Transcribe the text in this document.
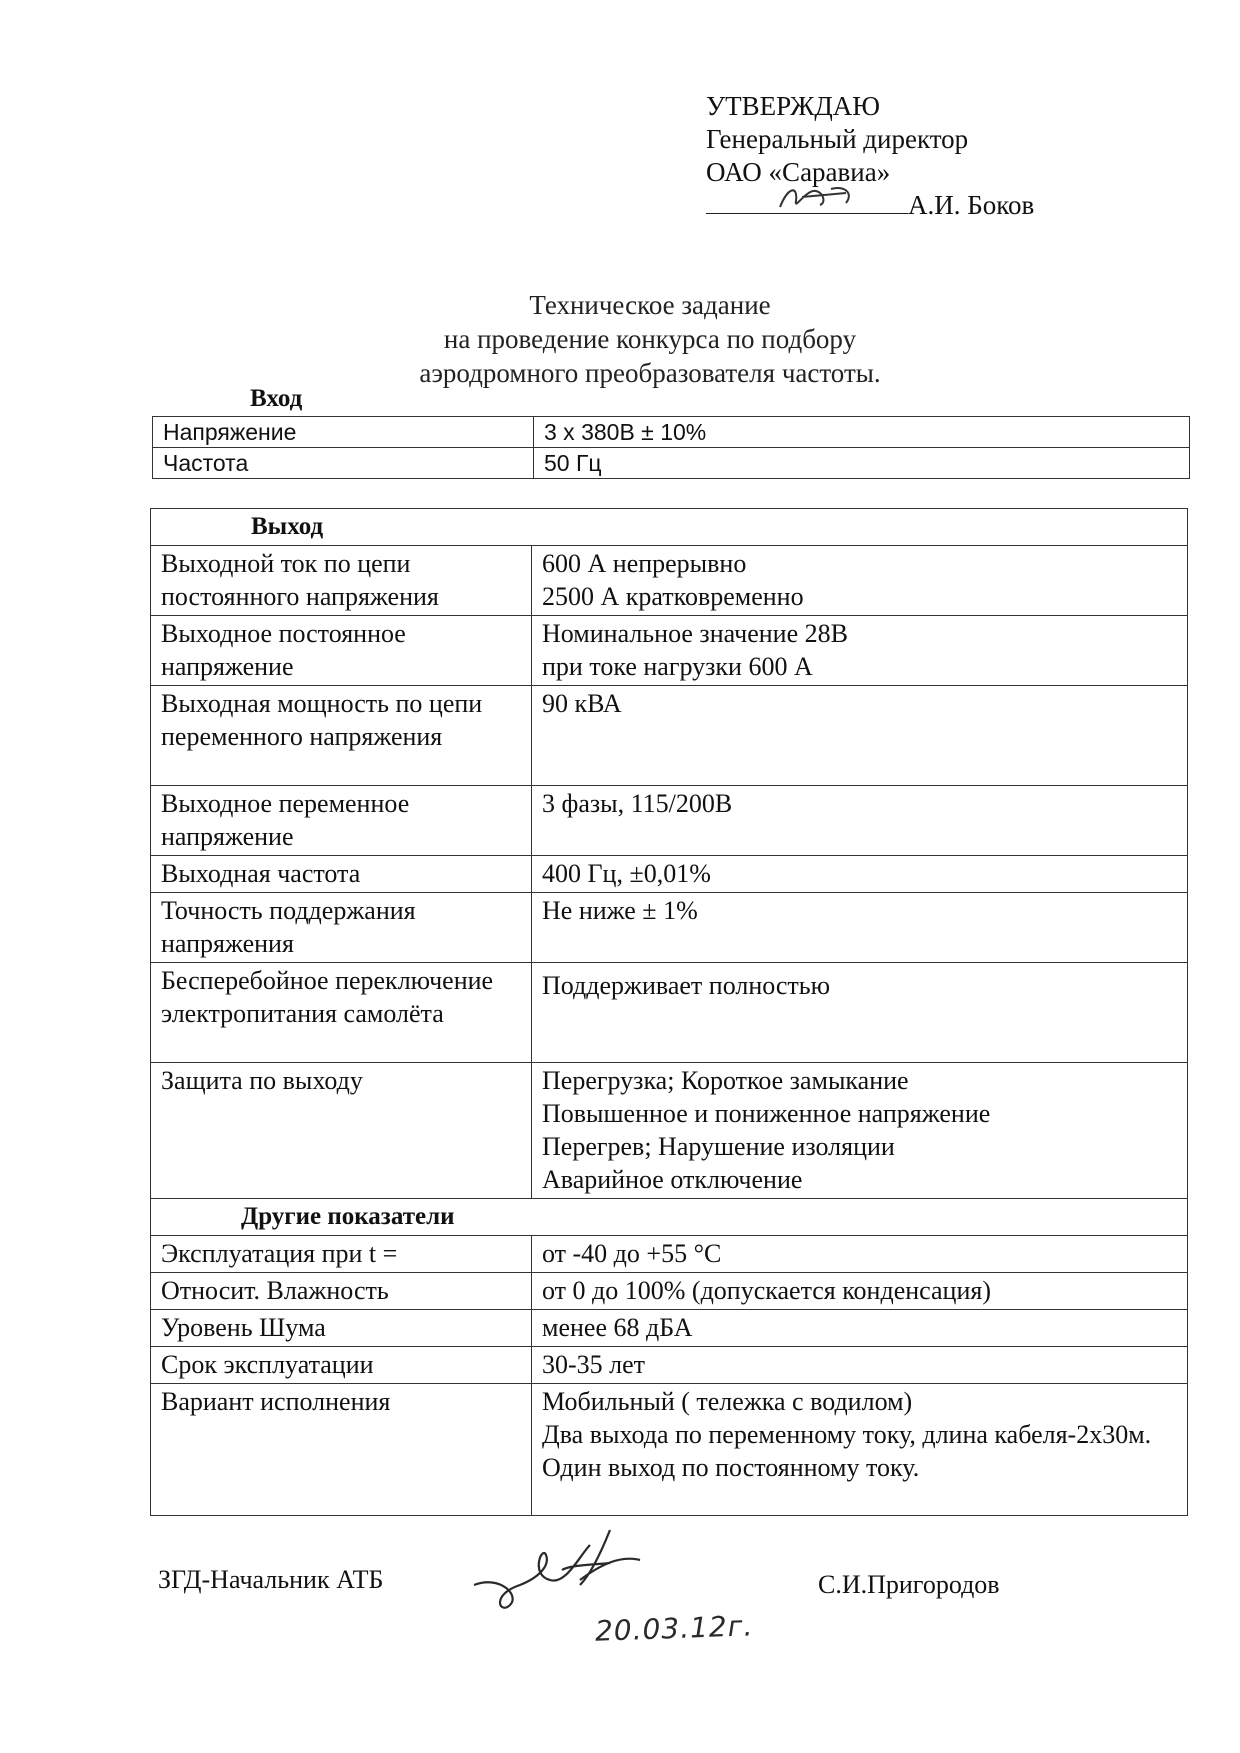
УТВЕРЖДАЮ
Генеральный директор
ОАО «Саравиа»
А.И. Боков
Техническое задание
на проведение конкурса по подбору
аэродромного преобразователя частоты.
Вход
Напряжение	3 х 380В ± 10%
Частота	50 Гц
Выход	
Выходной ток по цепи постоянного напряжения	600 А непрерывно
2500 А кратковременно

Выходное постоянное напряжение	Номинальное значение 28В
при токе нагрузки 600 А

Выходная мощность по цепи переменного напряжения	90 кВА

Выходное переменное напряжение	3 фазы, 115/200В

Выходная частота	400 Гц, ±0,01%

Точность поддержания напряжения	Не ниже ± 1%

Бесперебойное переключение электропитания самолёта	Поддерживает полностью

Защита по выходу	Перегрузка; Короткое замыкание
Повышенное и пониженное напряжение
Перегрев; Нарушение изоляции
Аварийное отключение

Другие показатели	
Эксплуатация при t =	от -40 до +55 °С

Относит. Влажность	от 0 до 100% (допускается конденсация)

Уровень Шума	менее 68 дБА

Срок эксплуатации	30-35 лет

Вариант исполнения	Мобильный ( тележка с водилом)
Два выхода по переменному току, длина кабеля-2х30м.
Один выход по постоянному току.
ЗГД-Начальник АТБ
20.03.12г.
С.И.Пригородов
